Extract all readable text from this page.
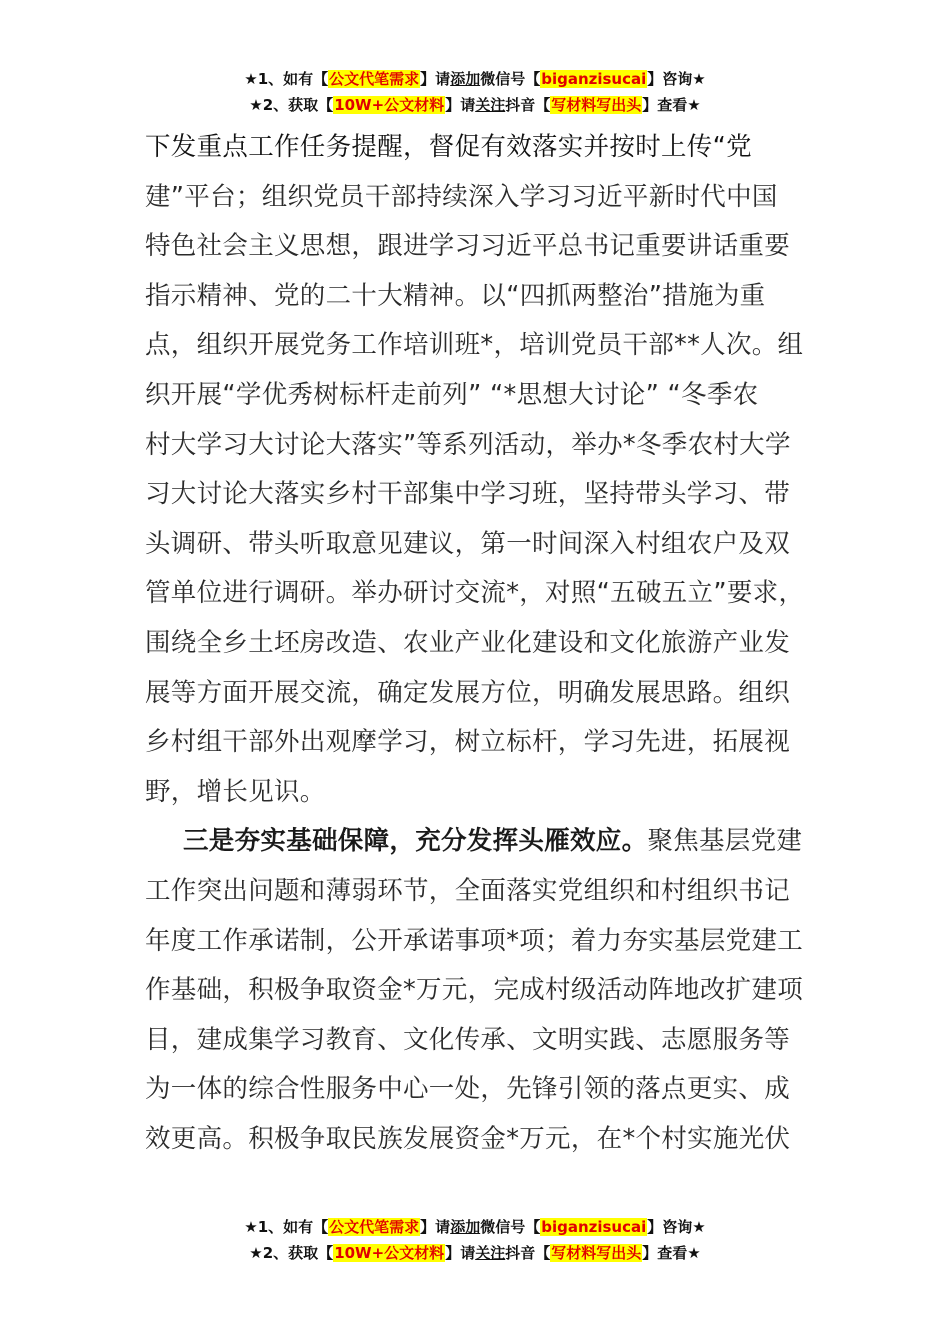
★1、如有【公文代笔需求】请添加微信号【biganzisucai】咨询★
★2、获取【10W+公文材料】请关注抖音【写材料写出头】查看★
下发重点工作任务提醒，督促有效落实并按时上传“党
建”平台；组织党员干部持续深入学习习近平新时代中国
特色社会主义思想，跟进学习习近平总书记重要讲话重要
指示精神、党的二十大精神。以“四抓两整治”措施为重
点，组织开展党务工作培训班*，培训党员干部**人次。组
织开展“学优秀树标杆走前列” “*思想大讨论” “冬季农
村大学习大讨论大落实”等系列活动，举办*冬季农村大学
习大讨论大落实乡村干部集中学习班，坚持带头学习、带
头调研、带头听取意见建议，第一时间深入村组农户及双
管单位进行调研。举办研讨交流*，对照“五破五立”要求，
围绕全乡土坯房改造、农业产业化建设和文化旅游产业发
展等方面开展交流，确定发展方位，明确发展思路。组织
乡村组干部外出观摩学习，树立标杆，学习先进，拓展视
野，增长见识。
三是夯实基础保障，充分发挥头雁效应。聚焦基层党建
工作突出问题和薄弱环节，全面落实党组织和村组织书记
年度工作承诺制，公开承诺事项*项；着力夯实基层党建工
作基础，积极争取资金*万元，完成村级活动阵地改扩建项
目，建成集学习教育、文化传承、文明实践、志愿服务等
为一体的综合性服务中心一处，先锋引领的落点更实、成
效更高。积极争取民族发展资金*万元，在*个村实施光伏
★1、如有【公文代笔需求】请添加微信号【biganzisucai】咨询★
★2、获取【10W+公文材料】请关注抖音【写材料写出头】查看★
